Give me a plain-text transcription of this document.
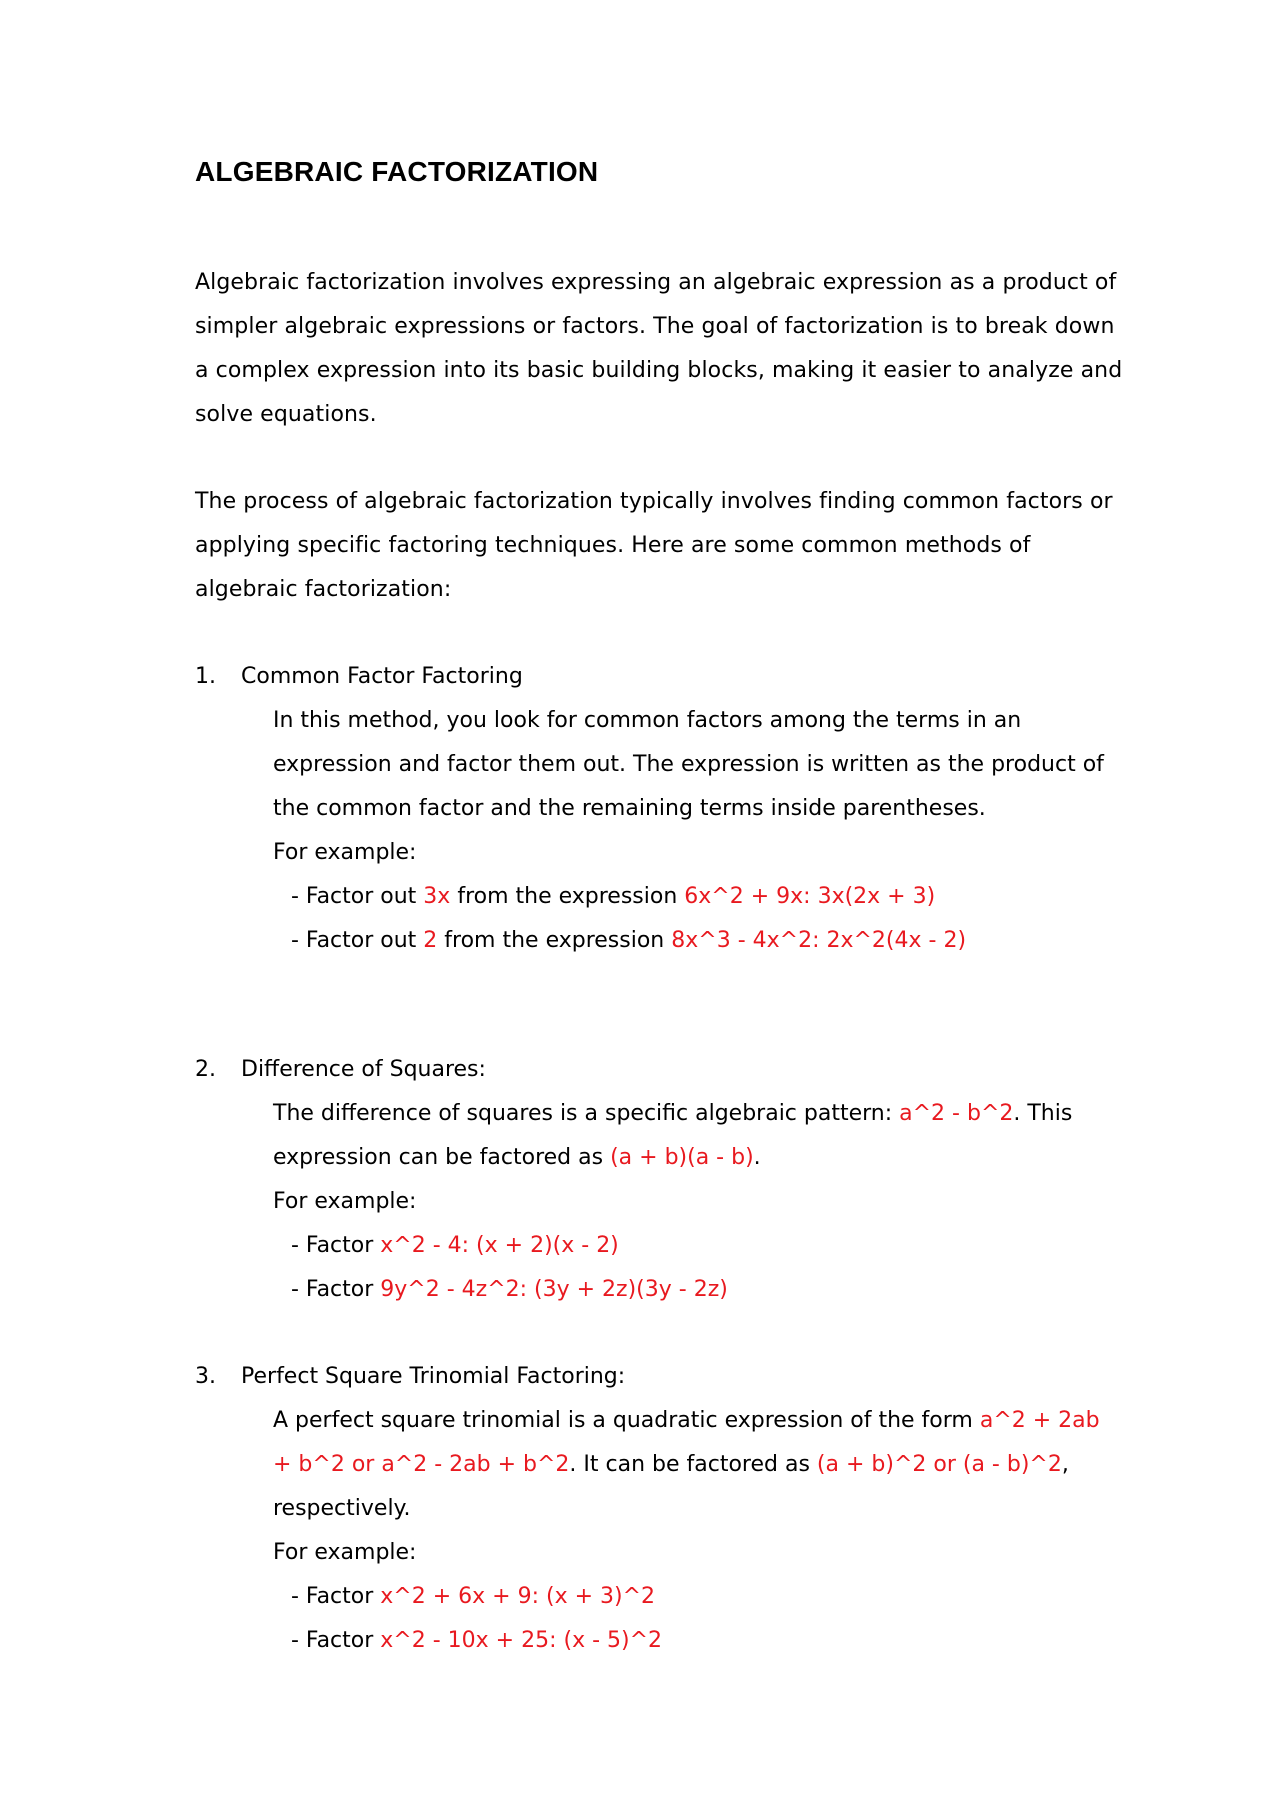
ALGEBRAIC FACTORIZATION

Algebraic factorization involves expressing an algebraic expression as a product of simpler algebraic expressions or factors. The goal of factorization is to break down a complex expression into its basic building blocks, making it easier to analyze and solve equations.

The process of algebraic factorization typically involves finding common factors or applying specific factoring techniques. Here are some common methods of algebraic factorization:

1. Common Factor Factoring

In this method, you look for common factors among the terms in an expression and factor them out. The expression is written as the product of the common factor and the remaining terms inside parentheses.

For example:

- Factor out 3x from the expression 6x^2 + 9x: 3x(2x + 3)

- Factor out 2 from the expression 8x^3 - 4x^2: 2x^2(4x - 2)

2. Difference of Squares:

The difference of squares is a specific algebraic pattern: a^2 - b^2. This expression can be factored as (a + b)(a - b).

For example:

- Factor x^2 - 4: (x + 2)(x - 2)

- Factor 9y^2 - 4z^2: (3y + 2z)(3y - 2z)

3. Perfect Square Trinomial Factoring:

A perfect square trinomial is a quadratic expression of the form a^2 + 2ab + b^2 or a^2 - 2ab + b^2. It can be factored as (a + b)^2 or (a - b)^2, respectively.

For example:

- Factor x^2 + 6x + 9: (x + 3)^2

- Factor x^2 - 10x + 25: (x - 5)^2
